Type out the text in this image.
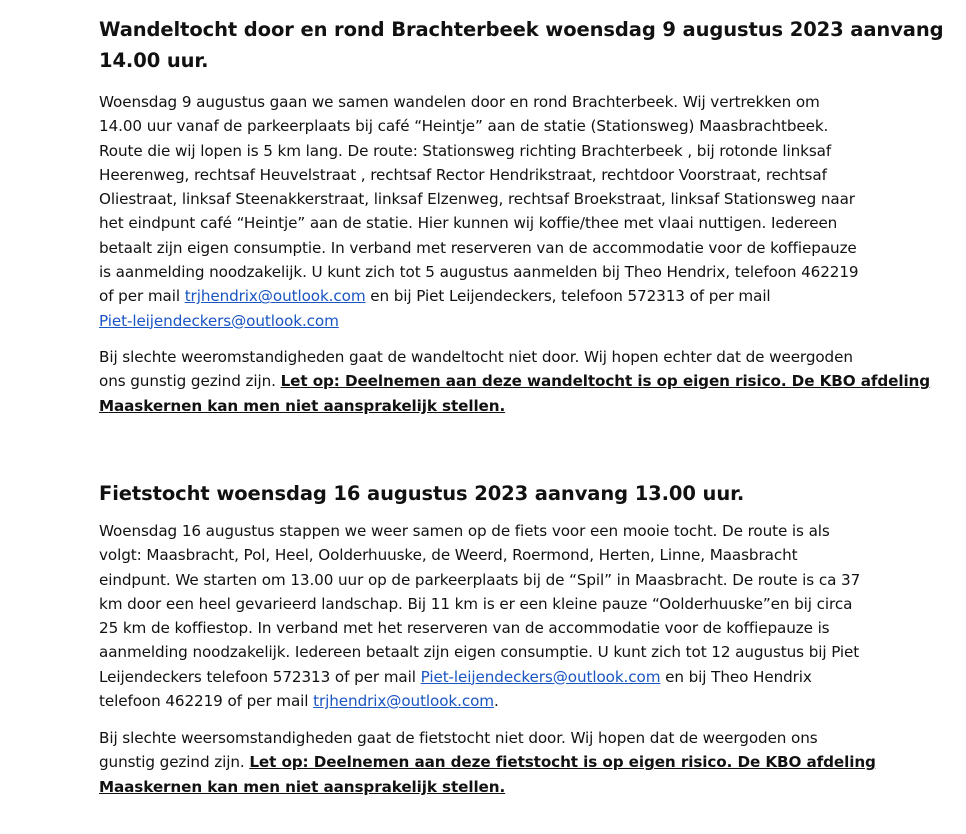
Wandeltocht door en rond Brachterbeek woensdag 9 augustus 2023 aanvang
14.00 uur.
Woensdag 9 augustus gaan we samen wandelen door en rond Brachterbeek. Wij vertrekken om
14.00 uur vanaf de parkeerplaats bij café “Heintje” aan de statie (Stationsweg) Maasbrachtbeek.
Route die wij lopen is 5 km lang. De route: Stationsweg richting Brachterbeek , bij rotonde linksaf
Heerenweg, rechtsaf Heuvelstraat , rechtsaf Rector Hendrikstraat, rechtdoor Voorstraat, rechtsaf
Oliestraat, linksaf Steenakkerstraat, linksaf Elzenweg, rechtsaf Broekstraat, linksaf Stationsweg naar
het eindpunt café “Heintje” aan de statie. Hier kunnen wij koffie/thee met vlaai nuttigen. Iedereen
betaalt zijn eigen consumptie. In verband met reserveren van de accommodatie voor de koffiepauze
is aanmelding noodzakelijk. U kunt zich tot 5 augustus aanmelden bij Theo Hendrix, telefoon 462219
of per mail trjhendrix@outlook.com en bij Piet Leijendeckers, telefoon 572313 of per mail
Piet-leijendeckers@outlook.com
Bij slechte weeromstandigheden gaat de wandeltocht niet door. Wij hopen echter dat de weergoden
ons gunstig gezind zijn. Let op: Deelnemen aan deze wandeltocht is op eigen risico. De KBO afdeling
Maaskernen kan men niet aansprakelijk stellen.
Fietstocht woensdag 16 augustus 2023 aanvang 13.00 uur.
Woensdag 16 augustus stappen we weer samen op de fiets voor een mooie tocht. De route is als
volgt: Maasbracht, Pol, Heel, Oolderhuuske, de Weerd, Roermond, Herten, Linne, Maasbracht
eindpunt. We starten om 13.00 uur op de parkeerplaats bij de “Spil” in Maasbracht. De route is ca 37
km door een heel gevarieerd landschap. Bij 11 km is er een kleine pauze “Oolderhuuske”en bij circa
25 km de koffiestop. In verband met het reserveren van de accommodatie voor de koffiepauze is
aanmelding noodzakelijk. Iedereen betaalt zijn eigen consumptie. U kunt zich tot 12 augustus bij Piet
Leijendeckers telefoon 572313 of per mail Piet-leijendeckers@outlook.com en bij Theo Hendrix
telefoon 462219 of per mail trjhendrix@outlook.com.
Bij slechte weersomstandigheden gaat de fietstocht niet door. Wij hopen dat de weergoden ons
gunstig gezind zijn. Let op: Deelnemen aan deze fietstocht is op eigen risico. De KBO afdeling
Maaskernen kan men niet aansprakelijk stellen.
